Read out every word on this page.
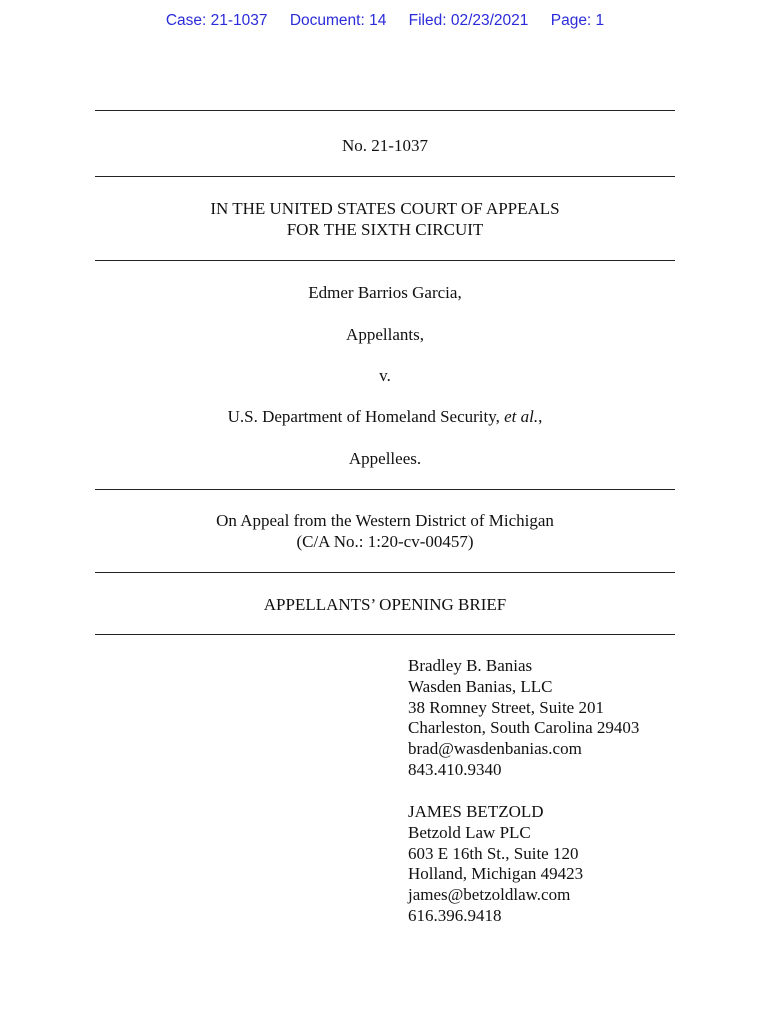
Case: 21-1037 Document: 14 Filed: 02/23/2021 Page: 1
No. 21-1037
IN THE UNITED STATES COURT OF APPEALS
FOR THE SIXTH CIRCUIT
Edmer Barrios Garcia,
Appellants,
v.
U.S. Department of Homeland Security, et al.,
Appellees.
On Appeal from the Western District of Michigan
(C/A No.: 1:20-cv-00457)
APPELLANTS’ OPENING BRIEF
Bradley B. Banias
Wasden Banias, LLC
38 Romney Street, Suite 201
Charleston, South Carolina 29403
brad@wasdenbanias.com
843.410.9340
JAMES BETZOLD
Betzold Law PLC
603 E 16th St., Suite 120
Holland, Michigan 49423
james@betzoldlaw.com
616.396.9418
